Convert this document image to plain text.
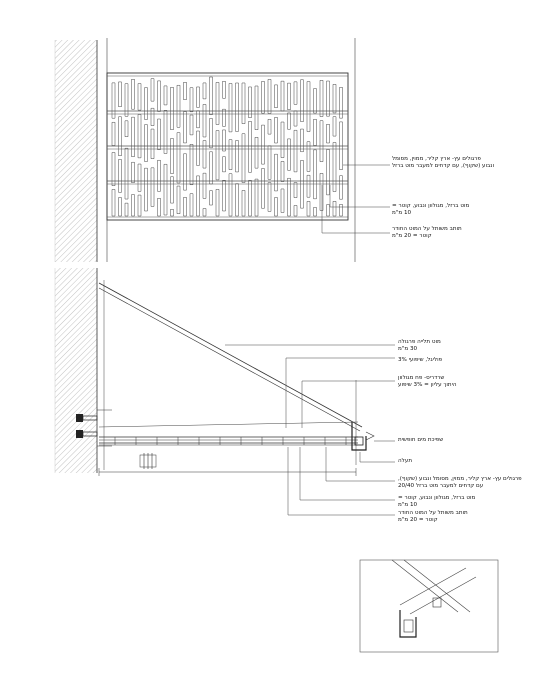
פרגולים עץ- ארץ קליר, ממוין, מסומל
ונבוע (שקוף), עם קדחים למעבר מוט ברזל
מוט ברזל, מגולוון ונבוע, קוטר =
10 מ"מ
תותב משותל על המוט החודר
קוטר = 20 מ"מ
מוט תלייה פרגולה
30 מ"מ
פוליגל, שיפועי 3%
שרדריס- פח מגולוון
היתוך עליון = 3% שיפוע
שפיכת מים חופשית
תעלה
פרגולים עץ- ארץ קליר, ממוין, מסומל ונבוע (שקוף),
עם קדחים למעבר מוט ברזל 20/40
מוט ברזל, מגולוון ונבוע, קוטר =
10 מ"מ
תותב משותל על המוט החודר
קוטר = 20 מ"מ
